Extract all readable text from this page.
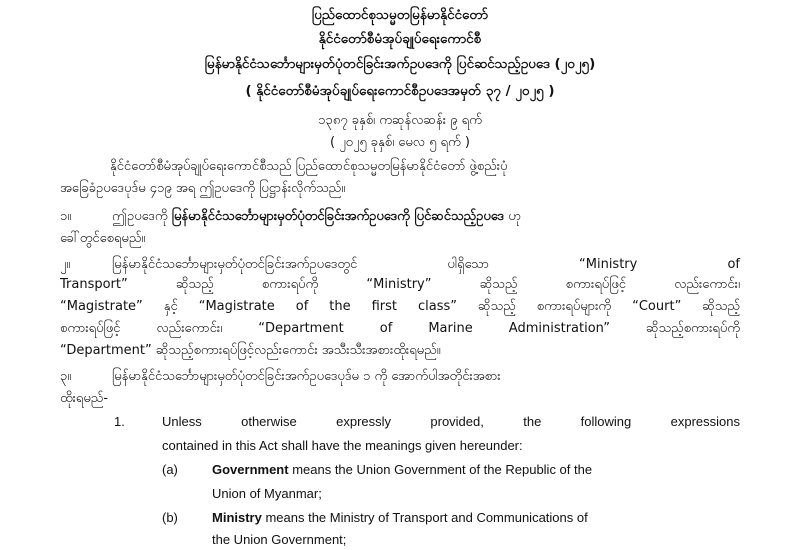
ပြည်ထောင်စုသမ္မတမြန်မာနိုင်ငံတော်
နိုင်ငံတော်စီမံအုပ်ချုပ်ရေးကောင်စီ
မြန်မာနိုင်ငံသင်္ဘောများမှတ်ပုံတင်ခြင်းအက်ဥပဒေကို ပြင်ဆင်သည့်ဥပဒေ (၂၀၂၅)
( နိုင်ငံတော်စီမံအုပ်ချုပ်ရေးကောင်စီဥပဒေအမှတ် ၃၇ / ၂၀၂၅ )
၁၃၈၇ ခုနှစ်၊ ကဆုန်လဆန်း ၉ ရက်
( ၂၀၂၅ ခုနှစ်၊ မေလ ၅ ရက် )
နိုင်ငံတော်စီမံအုပ်ချုပ်ရေးကောင်စီသည် ပြည်ထောင်စုသမ္မတမြန်မာနိုင်ငံတော် ဖွဲ့စည်းပုံ
အခြေခံဥပဒေပုဒ်မ ၄၁၉ အရ ဤဥပဒေကို ပြဋ္ဌာန်းလိုက်သည်။
၁။	ဤဥပဒေကို မြန်မာနိုင်ငံသင်္ဘောများမှတ်ပုံတင်ခြင်းအက်ဥပဒေကို ပြင်ဆင်သည့်ဥပဒေ ဟု
ခေါ်တွင်စေရမည်။
၂။	မြန်မာနိုင်ငံသင်္ဘောများမှတ်ပုံတင်ခြင်းအက်ဥပဒေတွင် ပါရှိသော “Ministry of
Transport” ဆိုသည့် စကားရပ်ကို “Ministry” ဆိုသည့် စကားရပ်ဖြင့် လည်းကောင်း၊
“Magistrate” နှင့် “Magistrate of the first class” ဆိုသည့် စကားရပ်များကို “Court” ဆိုသည့်
စကားရပ်ဖြင့် လည်းကောင်း၊ “Department of Marine Administration” ဆိုသည့်စကားရပ်ကို
“Department” ဆိုသည့်စကားရပ်ဖြင့်လည်းကောင်း အသီးသီးအစားထိုးရမည်။
၃။	မြန်မာနိုင်ငံသင်္ဘောများမှတ်ပုံတင်ခြင်းအက်ဥပဒေပုဒ်မ ၁ ကို အောက်ပါအတိုင်းအစား
ထိုးရမည်-
1.	Unless otherwise expressly provided, the following expressions
contained in this Act shall have the meanings given hereunder:
(a)	Government means the Union Government of the Republic of the
Union of Myanmar;
(b)	Ministry means the Ministry of Transport and Communications of
the Union Government;
